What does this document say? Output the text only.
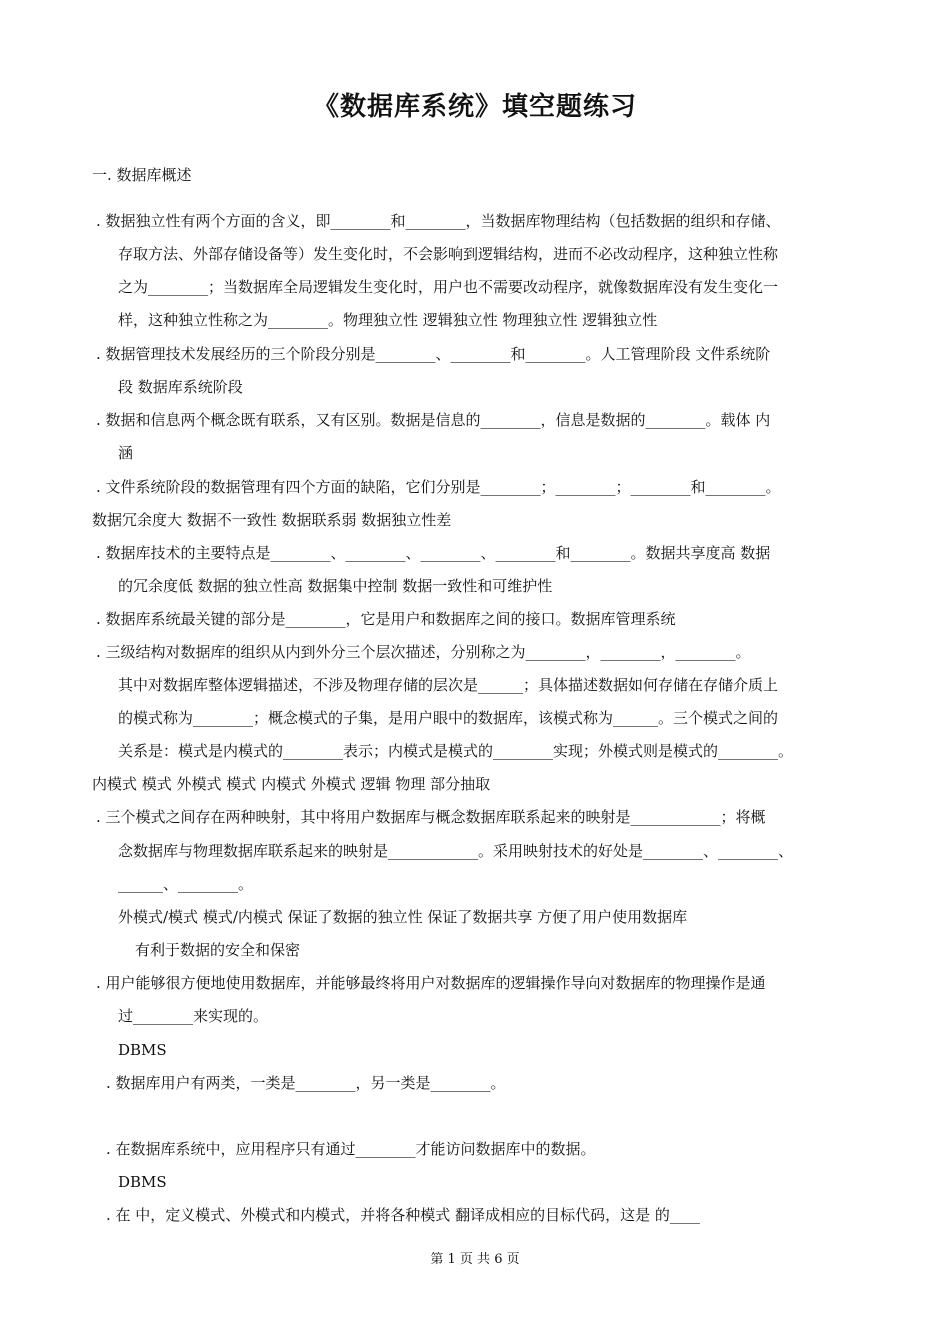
《数据库系统》填空题练习
一. 数据库概述
. 数据独立性有两个方面的含义，即________和________，当数据库物理结构（包括数据的组织和存储、
存取方法、外部存储设备等）发生变化时，不会影响到逻辑结构，进而不必改动程序，这种独立性称
之为________；当数据库全局逻辑发生变化时，用户也不需要改动程序，就像数据库没有发生变化一
样，这种独立性称之为________。物理独立性 逻辑独立性 物理独立性 逻辑独立性
. 数据管理技术发展经历的三个阶段分别是________、________和________。人工管理阶段 文件系统阶
段 数据库系统阶段
. 数据和信息两个概念既有联系，又有区别。数据是信息的________，信息是数据的________。载体 内
涵
. 文件系统阶段的数据管理有四个方面的缺陷，它们分别是________；________；________和________。
数据冗余度大 数据不一致性 数据联系弱 数据独立性差
. 数据库技术的主要特点是________、________、________、________和________。数据共享度高 数据
的冗余度低 数据的独立性高 数据集中控制 数据一致性和可维护性
. 数据库系统最关键的部分是________，它是用户和数据库之间的接口。数据库管理系统
. 三级结构对数据库的组织从内到外分三个层次描述，分别称之为________，________，________。
其中对数据库整体逻辑描述，不涉及物理存储的层次是______；具体描述数据如何存储在存储介质上
的模式称为________；概念模式的子集，是用户眼中的数据库，该模式称为______。三个模式之间的
关系是：模式是内模式的________表示；内模式是模式的________实现；外模式则是模式的________。
内模式 模式 外模式 模式 内模式 外模式 逻辑 物理 部分抽取
. 三个模式之间存在两种映射，其中将用户数据库与概念数据库联系起来的映射是____________；将概
念数据库与物理数据库联系起来的映射是____________。采用映射技术的好处是________、________、
______、________。
外模式/模式 模式/内模式 保证了数据的独立性 保证了数据共享 方便了用户使用数据库
有利于数据的安全和保密
. 用户能够很方便地使用数据库，并能够最终将用户对数据库的逻辑操作导向对数据库的物理操作是通
过________来实现的。
DBMS
. 数据库用户有两类，一类是________，另一类是________。
. 在数据库系统中，应用程序只有通过________才能访问数据库中的数据。
DBMS
. 在 中，定义模式、外模式和内模式，并将各种模式 翻译成相应的目标代码，这是 的____
第 1 页 共 6 页
